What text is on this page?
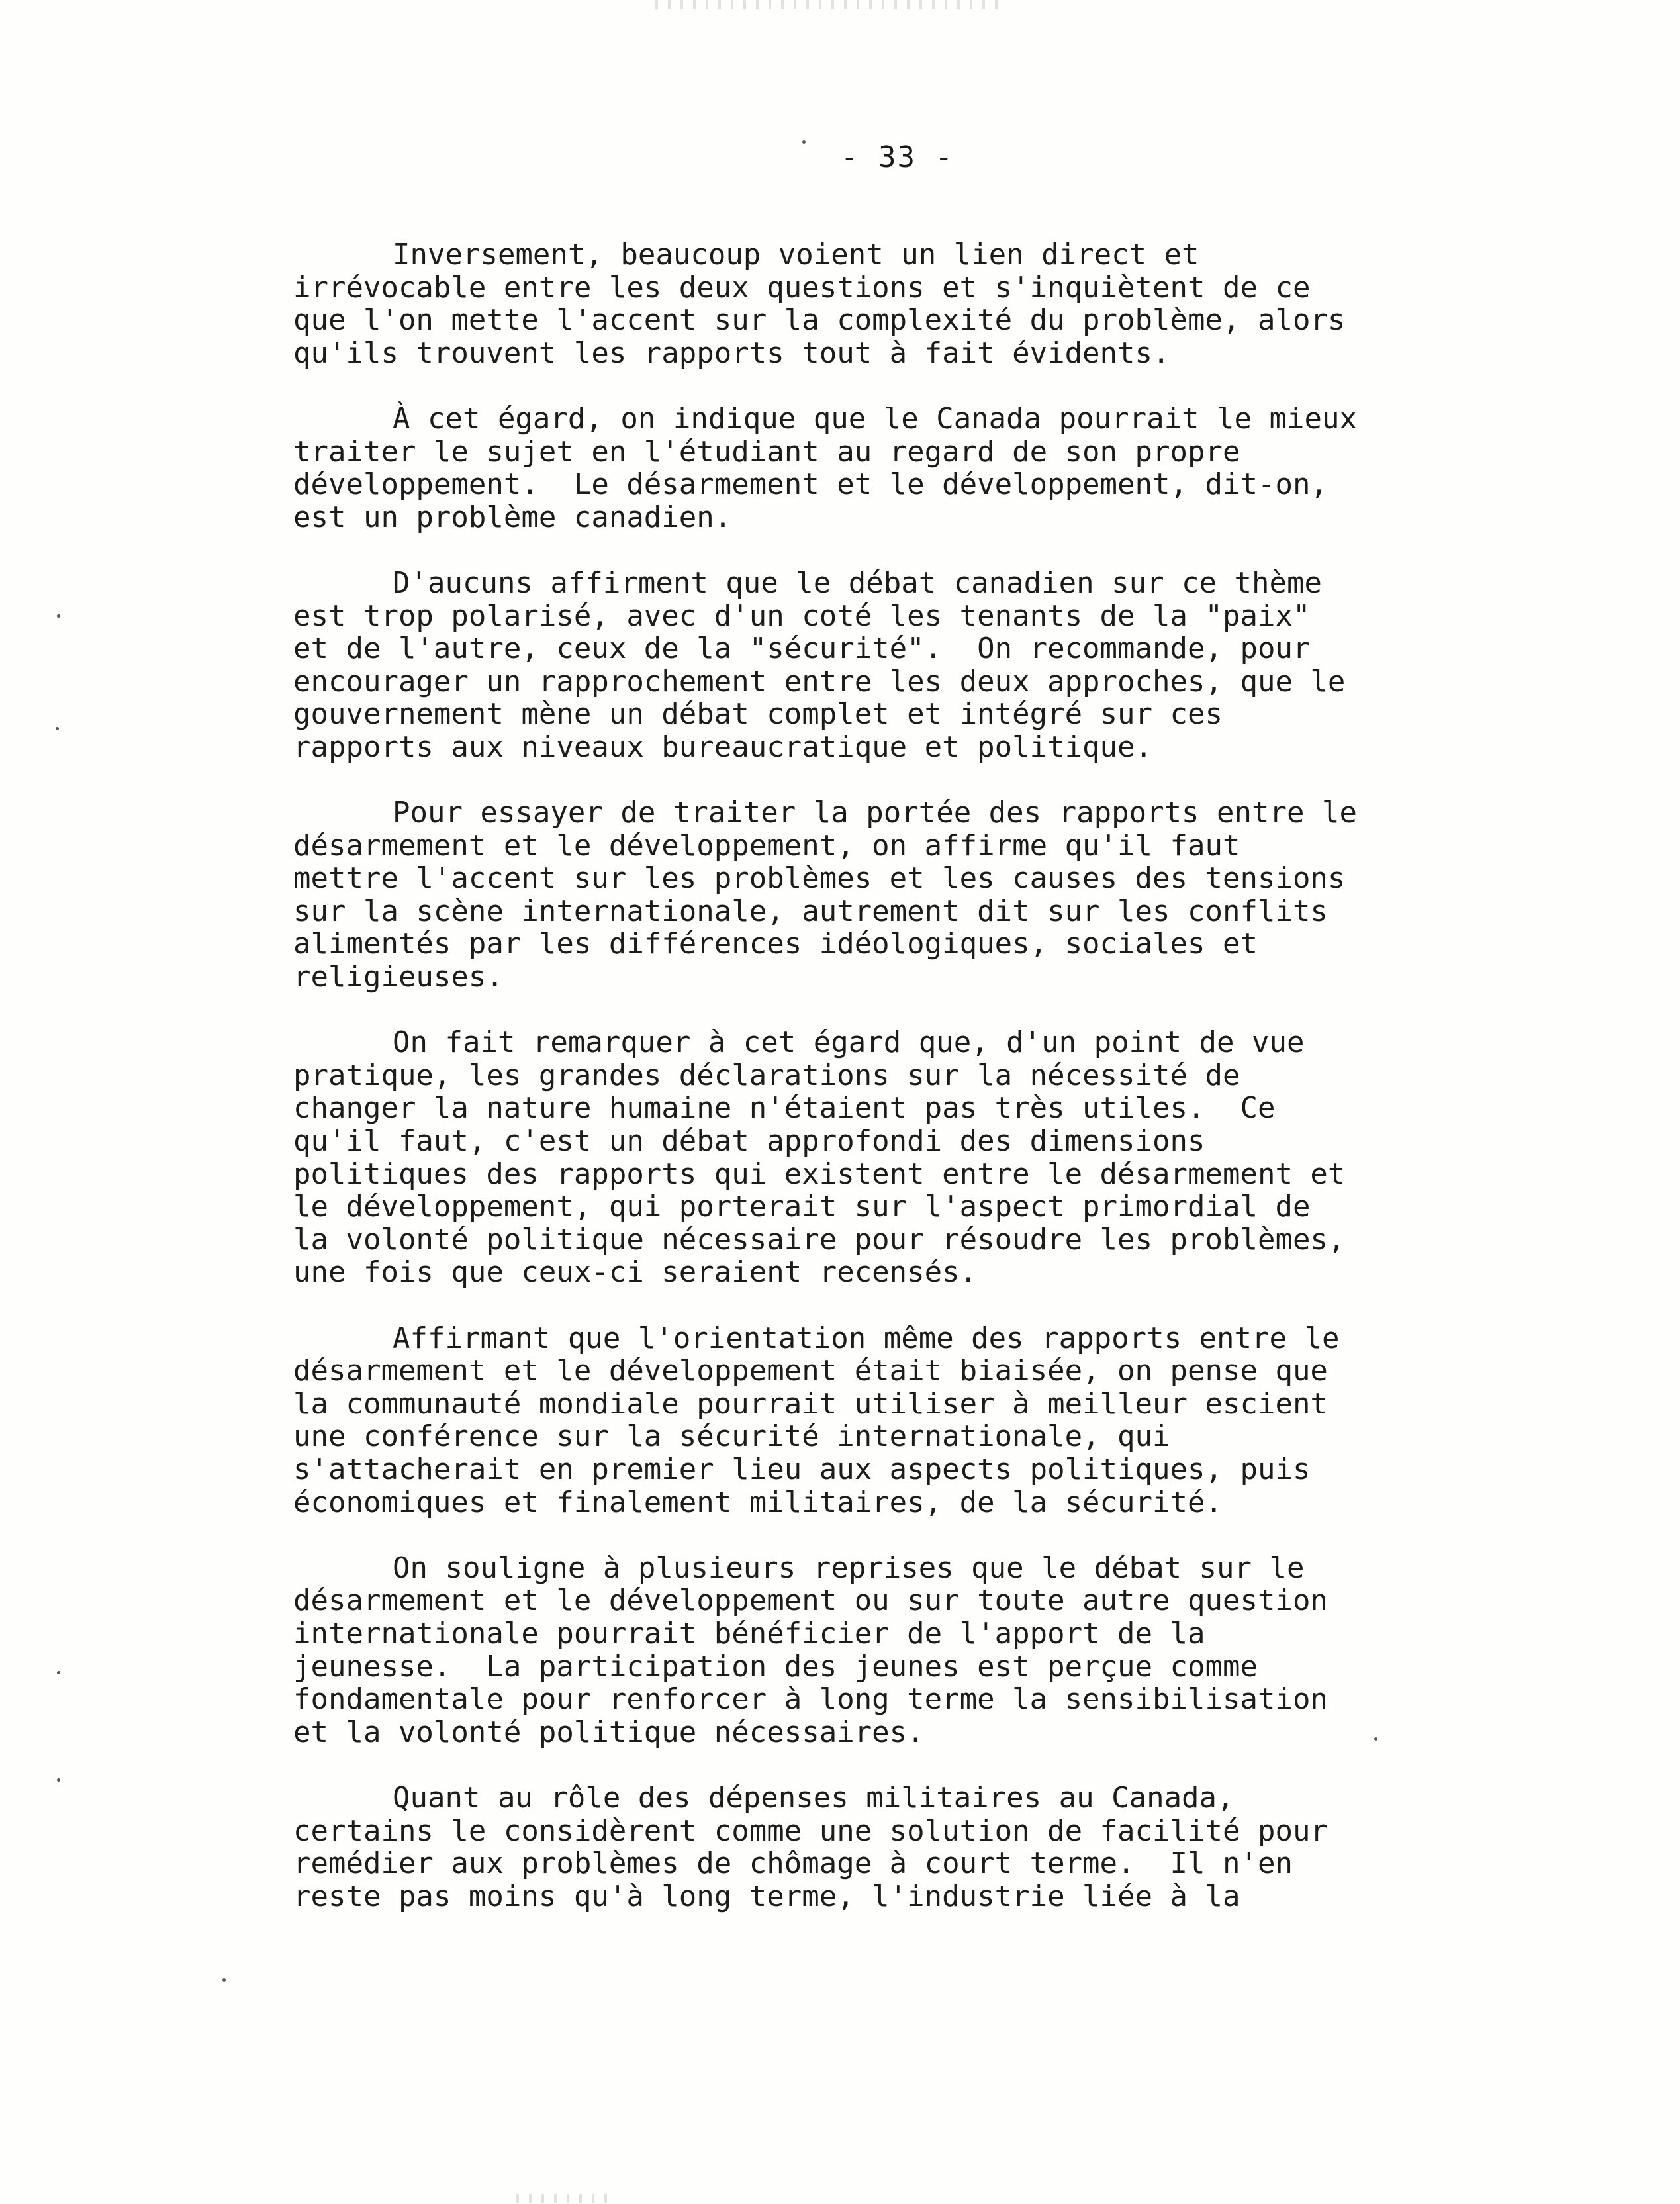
- 33 -
Inversement, beaucoup voient un lien direct et
irrévocable entre les deux questions et s'inquiètent de ce
que l'on mette l'accent sur la complexité du problème, alors
qu'ils trouvent les rapports tout à fait évidents.
À cet égard, on indique que le Canada pourrait le mieux
traiter le sujet en l'étudiant au regard de son propre
développement.  Le désarmement et le développement, dit-on,
est un problème canadien.
D'aucuns affirment que le débat canadien sur ce thème
est trop polarisé, avec d'un coté les tenants de la "paix"
et de l'autre, ceux de la "sécurité".  On recommande, pour
encourager un rapprochement entre les deux approches, que le
gouvernement mène un débat complet et intégré sur ces
rapports aux niveaux bureaucratique et politique.
Pour essayer de traiter la portée des rapports entre le
désarmement et le développement, on affirme qu'il faut
mettre l'accent sur les problèmes et les causes des tensions
sur la scène internationale, autrement dit sur les conflits
alimentés par les différences idéologiques, sociales et
religieuses.
On fait remarquer à cet égard que, d'un point de vue
pratique, les grandes déclarations sur la nécessité de
changer la nature humaine n'étaient pas très utiles.  Ce
qu'il faut, c'est un débat approfondi des dimensions
politiques des rapports qui existent entre le désarmement et
le développement, qui porterait sur l'aspect primordial de
la volonté politique nécessaire pour résoudre les problèmes,
une fois que ceux-ci seraient recensés.
Affirmant que l'orientation même des rapports entre le
désarmement et le développement était biaisée, on pense que
la communauté mondiale pourrait utiliser à meilleur escient
une conférence sur la sécurité internationale, qui
s'attacherait en premier lieu aux aspects politiques, puis
économiques et finalement militaires, de la sécurité.
On souligne à plusieurs reprises que le débat sur le
désarmement et le développement ou sur toute autre question
internationale pourrait bénéficier de l'apport de la
jeunesse.  La participation des jeunes est perçue comme
fondamentale pour renforcer à long terme la sensibilisation
et la volonté politique nécessaires.
Quant au rôle des dépenses militaires au Canada,
certains le considèrent comme une solution de facilité pour
remédier aux problèmes de chômage à court terme.  Il n'en
reste pas moins qu'à long terme, l'industrie liée à la
